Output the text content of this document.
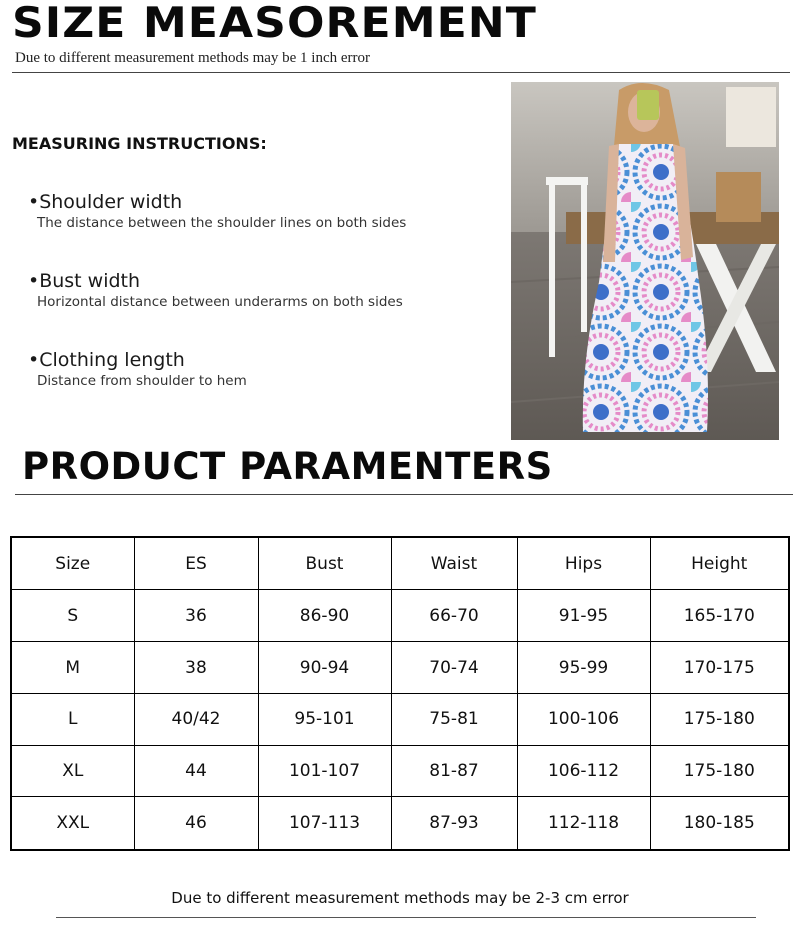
SIZE MEASOREMENT
Due to different measurement methods may be 1 inch error
MEASURING INSTRUCTIONS:
•Shoulder width
The distance between the shoulder lines on both sides
•Bust width
Horizontal distance between underarms on both sides
•Clothing length
Distance from shoulder to hem
PRODUCT PARAMENTERS
Size	ES	Bust	Waist	Hips	Height
S	36	86-90	66-70	91-95	165-170
M	38	90-94	70-74	95-99	170-175
L	40/42	95-101	75-81	100-106	175-180
XL	44	101-107	81-87	106-112	175-180
XXL	46	107-113	87-93	112-118	180-185
Due to different measurement methods may be 2-3 cm error
